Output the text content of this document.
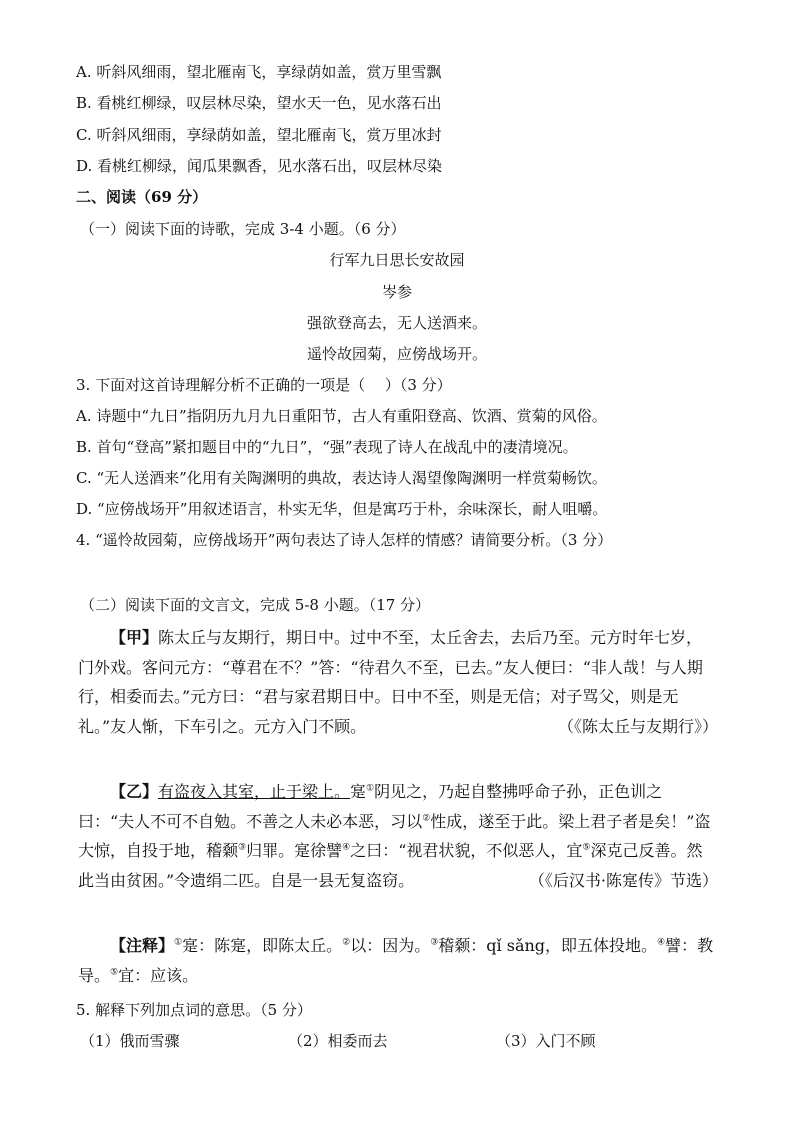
A. 听斜风细雨，望北雁南飞，享绿荫如盖，赏万里雪飘
B. 看桃红柳绿，叹层林尽染，望水天一色，见水落石出
C. 听斜风细雨，享绿荫如盖，望北雁南飞，赏万里冰封
D. 看桃红柳绿，闻瓜果飘香，见水落石出，叹层林尽染
二、阅读（69 分）
（一）阅读下面的诗歌，完成 3-4 小题。（6 分）
行军九日思长安故园
岑参
强欲登高去，无人送酒来。
遥怜故园菊，应傍战场开。
3. 下面对这首诗理解分析不正确的一项是（　 ）（3 分）
A. 诗题中“九日”指阴历九月九日重阳节，古人有重阳登高、饮酒、赏菊的风俗。
B. 首句“登高”紧扣题目中的“九日”，“强”表现了诗人在战乱中的凄清境况。
C. “无人送酒来”化用有关陶渊明的典故，表达诗人渴望像陶渊明一样赏菊畅饮。
D. “应傍战场开”用叙述语言，朴实无华，但是寓巧于朴，余味深长，耐人咀嚼。
4. “遥怜故园菊，应傍战场开”两句表达了诗人怎样的情感？请简要分析。（3 分）
（二）阅读下面的文言文，完成 5-8 小题。（17 分）
【甲】陈太丘与友期行，期日中。过中不至，太丘舍去，去后乃至。元方时年七岁，门外戏。客问元方：“尊君在不？”答：“待君久不至，已去。”友人便曰：“非人哉！与人期行，相委而去。”元方曰：“君与家君期日中。日中不至，则是无信；对子骂父，则是无礼。”友人惭，下车引之。元方入门不顾。	（《陈太丘与友期行》）
【乙】有盗夜入其室，止于梁上。寔①阴见之，乃起自整拂呼命子孙，正色训之曰：“夫人不可不自勉。不善之人未必本恶，习以②性成，遂至于此。梁上君子者是矣！”盗大惊，自投于地，稽颡③归罪。寔徐譬④之曰：“视君状貌，不似恶人，宜⑤深克己反善。然此当由贫困。”令遗绢二匹。自是一县无复盗窃。	（《后汉书·陈寔传》节选）
【注释】①寔：陈寔，即陈太丘。②以：因为。③稽颡：qǐ sǎng，即五体投地。④譬：教导。⑤宜：应该。
5. 解释下列加点词的意思。（5 分）
（1）俄而雪骤	（2）相委而去	（3）入门不顾
